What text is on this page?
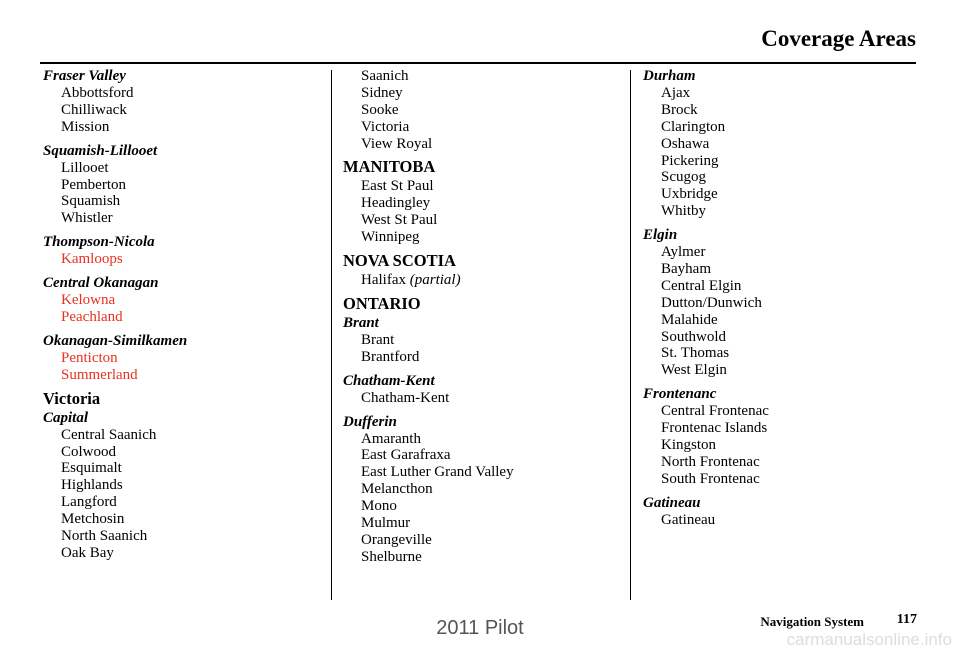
Coverage Areas
Fraser Valley
Abbottsford
Chilliwack
Mission
Squamish-Lillooet
Lillooet
Pemberton
Squamish
Whistler
Thompson-Nicola
Kamloops
Central Okanagan
Kelowna
Peachland
Okanagan-Similkamen
Penticton
Summerland
Victoria
Capital
Central Saanich
Colwood
Esquimalt
Highlands
Langford
Metchosin
North Saanich
Oak Bay
Saanich
Sidney
Sooke
Victoria
View Royal
MANITOBA
East St Paul
Headingley
West St Paul
Winnipeg
NOVA SCOTIA
Halifax (partial)
ONTARIO
Brant
Brant
Brantford
Chatham-Kent
Chatham-Kent
Dufferin
Amaranth
East Garafraxa
East Luther Grand Valley
Melancthon
Mono
Mulmur
Orangeville
Shelburne
Durham
Ajax
Brock
Clarington
Oshawa
Pickering
Scugog
Uxbridge
Whitby
Elgin
Aylmer
Bayham
Central Elgin
Dutton/Dunwich
Malahide
Southwold
St. Thomas
West Elgin
Frontenanc
Central Frontenac
Frontenac Islands
Kingston
North Frontenac
South Frontenac
Gatineau
Gatineau
Navigation System 117
2011 Pilot
carmanualsonline.info
